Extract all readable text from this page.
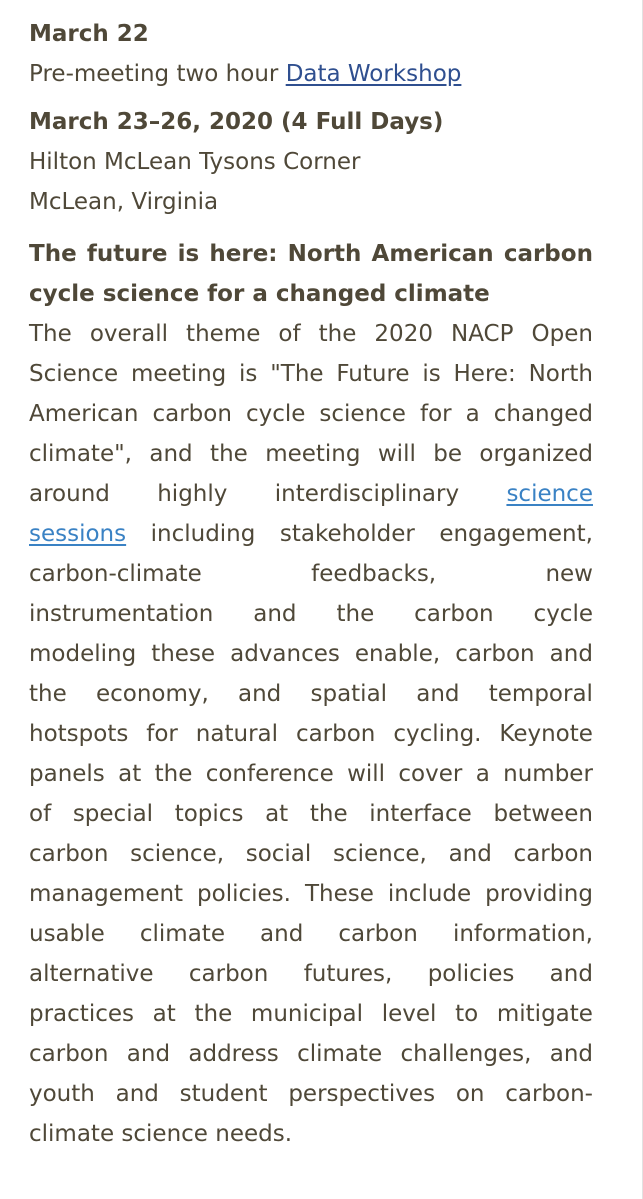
March 22
Pre-meeting two hour Data Workshop
March 23–26, 2020 (4 Full Days)
Hilton McLean Tysons Corner
McLean, Virginia
The future is here: North American carbon
cycle science for a changed climate
The overall theme of the 2020 NACP Open
Science meeting is "The Future is Here: North
American carbon cycle science for a changed
climate", and the meeting will be organized
around highly interdisciplinary science
sessions including stakeholder engagement,
carbon-climate	feedbacks,	new
instrumentation and the carbon cycle
modeling these advances enable, carbon and
the economy, and spatial and temporal
hotspots for natural carbon cycling. Keynote
panels at the conference will cover a number
of special topics at the interface between
carbon science, social science, and carbon
management policies. These include providing
usable climate and carbon information,
alternative carbon futures, policies and
practices at the municipal level to mitigate
carbon and address climate challenges, and
youth and student perspectives on carbon-
climate science needs.
